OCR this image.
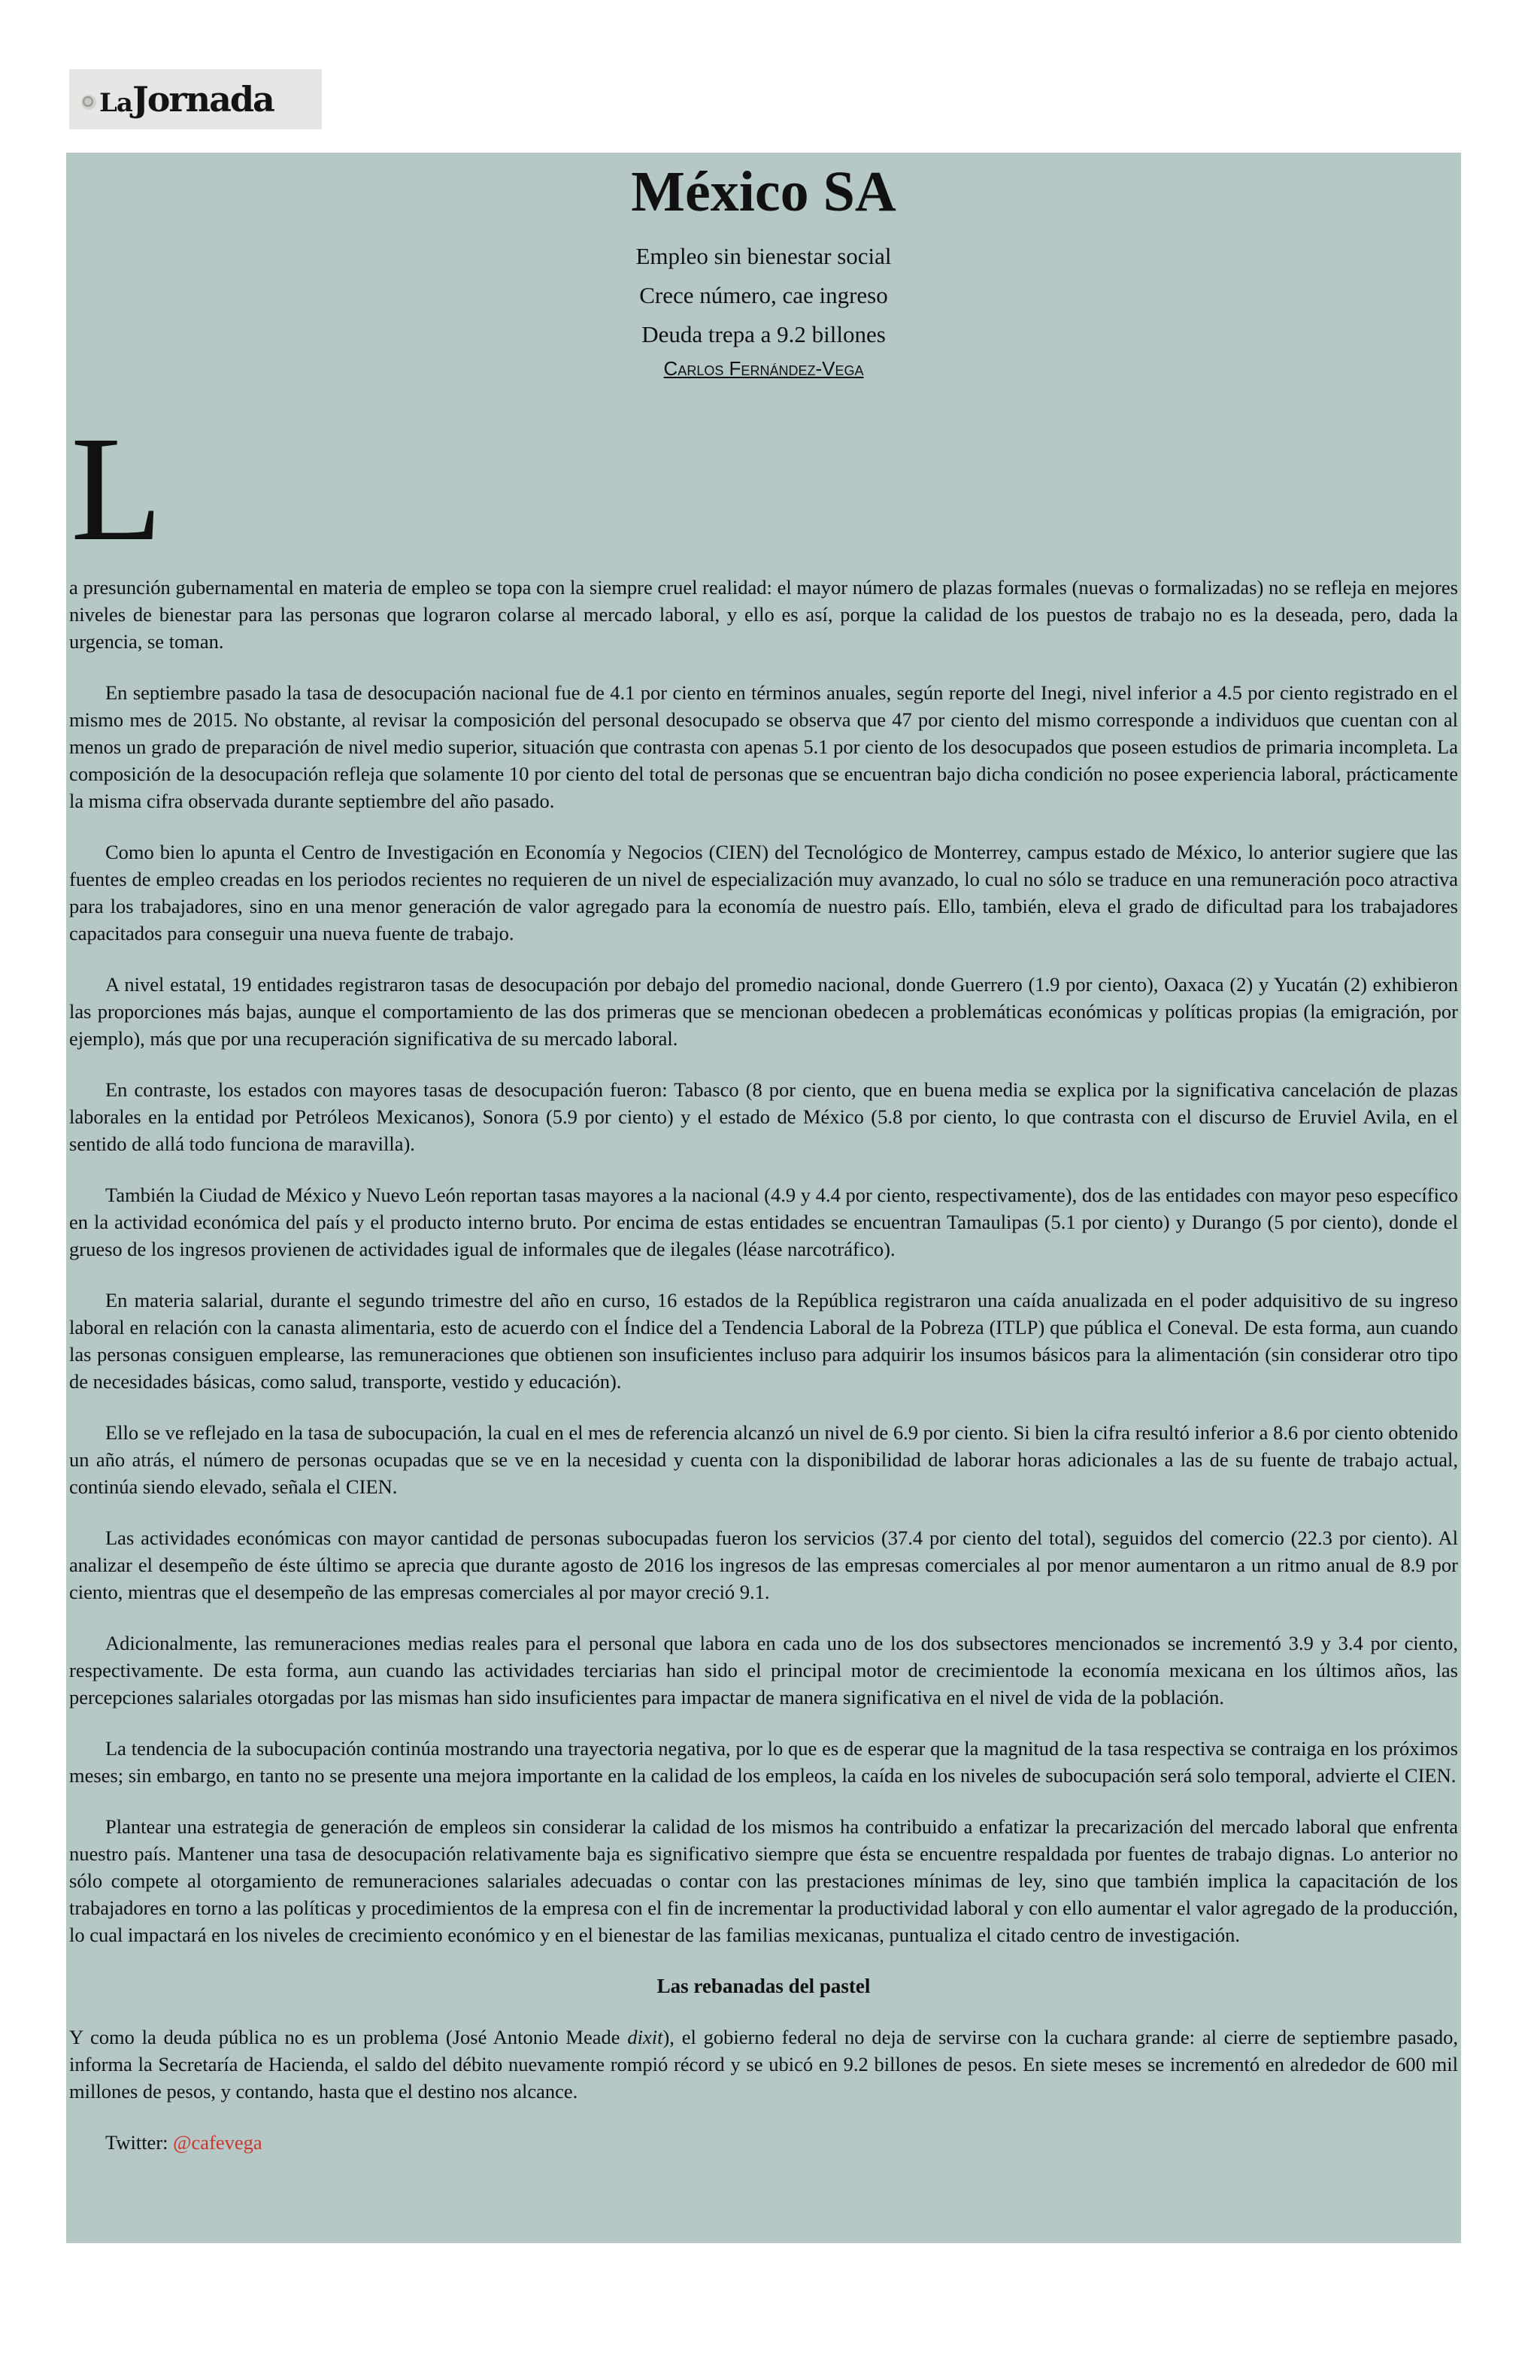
LaJornada
México SA

Empleo sin bienestar social

Crece número, cae ingreso

Deuda trepa a 9.2 billones

Carlos Fernández-Vega

L

a presunción gubernamental en materia de empleo se topa con la siempre cruel realidad: el mayor número de plazas formales (nuevas o formalizadas) no se refleja en mejores niveles de bienestar para las personas que lograron colarse al mercado laboral, y ello es así, porque la calidad de los puestos de trabajo no es la deseada, pero, dada la urgencia, se toman.

En septiembre pasado la tasa de desocupación nacional fue de 4.1 por ciento en términos anuales, según reporte del Inegi, nivel inferior a 4.5 por ciento registrado en el mismo mes de 2015. No obstante, al revisar la composición del personal desocupado se observa que 47 por ciento del mismo corresponde a individuos que cuentan con al menos un grado de preparación de nivel medio superior, situación que contrasta con apenas 5.1 por ciento de los desocupados que poseen estudios de primaria incompleta. La composición de la desocupación refleja que solamente 10 por ciento del total de personas que se encuentran bajo dicha condición no posee experiencia laboral, prácticamente la misma cifra observada durante septiembre del año pasado.

Como bien lo apunta el Centro de Investigación en Economía y Negocios (CIEN) del Tecnológico de Monterrey, campus estado de México, lo anterior sugiere que las fuentes de empleo creadas en los periodos recientes no requieren de un nivel de especialización muy avanzado, lo cual no sólo se traduce en una remuneración poco atractiva para los trabajadores, sino en una menor generación de valor agregado para la economía de nuestro país. Ello, también, eleva el grado de dificultad para los trabajadores capacitados para conseguir una nueva fuente de trabajo.

A nivel estatal, 19 entidades registraron tasas de desocupación por debajo del promedio nacional, donde Guerrero (1.9 por ciento), Oaxaca (2) y Yucatán (2) exhibieron las proporciones más bajas, aunque el comportamiento de las dos primeras que se mencionan obedecen a problemáticas económicas y políticas propias (la emigración, por ejemplo), más que por una recuperación significativa de su mercado laboral.

En contraste, los estados con mayores tasas de desocupación fueron: Tabasco (8 por ciento, que en buena media se explica por la significativa cancelación de plazas laborales en la entidad por Petróleos Mexicanos), Sonora (5.9 por ciento) y el estado de México (5.8 por ciento, lo que contrasta con el discurso de Eruviel Avila, en el sentido de allá todo funciona de maravilla).

También la Ciudad de México y Nuevo León reportan tasas mayores a la nacional (4.9 y 4.4 por ciento, respectivamente), dos de las entidades con mayor peso específico en la actividad económica del país y el producto interno bruto. Por encima de estas entidades se encuentran Tamaulipas (5.1 por ciento) y Durango (5 por ciento), donde el grueso de los ingresos provienen de actividades igual de informales que de ilegales (léase narcotráfico).

En materia salarial, durante el segundo trimestre del año en curso, 16 estados de la República registraron una caída anualizada en el poder adquisitivo de su ingreso laboral en relación con la canasta alimentaria, esto de acuerdo con el Índice del a Tendencia Laboral de la Pobreza (ITLP) que pública el Coneval. De esta forma, aun cuando las personas consiguen emplearse, las remuneraciones que obtienen son insuficientes incluso para adquirir los insumos básicos para la alimentación (sin considerar otro tipo de necesidades básicas, como salud, transporte, vestido y educación).

Ello se ve reflejado en la tasa de subocupación, la cual en el mes de referencia alcanzó un nivel de 6.9 por ciento. Si bien la cifra resultó inferior a 8.6 por ciento obtenido un año atrás, el número de personas ocupadas que se ve en la necesidad y cuenta con la disponibilidad de laborar horas adicionales a las de su fuente de trabajo actual, continúa siendo elevado, señala el CIEN.

Las actividades económicas con mayor cantidad de personas subocupadas fueron los servicios (37.4 por ciento del total), seguidos del comercio (22.3 por ciento). Al analizar el desempeño de éste último se aprecia que durante agosto de 2016 los ingresos de las empresas comerciales al por menor aumentaron a un ritmo anual de 8.9 por ciento, mientras que el desempeño de las empresas comerciales al por mayor creció 9.1.

Adicionalmente, las remuneraciones medias reales para el personal que labora en cada uno de los dos subsectores mencionados se incrementó 3.9 y 3.4 por ciento, respectivamente. De esta forma, aun cuando las actividades terciarias han sido el principal motor de crecimientode la economía mexicana en los últimos años, las percepciones salariales otorgadas por las mismas han sido insuficientes para impactar de manera significativa en el nivel de vida de la población.

La tendencia de la subocupación continúa mostrando una trayectoria negativa, por lo que es de esperar que la magnitud de la tasa respectiva se contraiga en los próximos meses; sin embargo, en tanto no se presente una mejora importante en la calidad de los empleos, la caída en los niveles de subocupación será solo temporal, advierte el CIEN.

Plantear una estrategia de generación de empleos sin considerar la calidad de los mismos ha contribuido a enfatizar la precarización del mercado laboral que enfrenta nuestro país. Mantener una tasa de desocupación relativamente baja es significativo siempre que ésta se encuentre respaldada por fuentes de trabajo dignas. Lo anterior no sólo compete al otorgamiento de remuneraciones salariales adecuadas o contar con las prestaciones mínimas de ley, sino que también implica la capacitación de los trabajadores en torno a las políticas y procedimientos de la empresa con el fin de incrementar la productividad laboral y con ello aumentar el valor agregado de la producción, lo cual impactará en los niveles de crecimiento económico y en el bienestar de las familias mexicanas, puntualiza el citado centro de investigación.

Las rebanadas del pastel

Y como la deuda pública no es un problema (José Antonio Meade dixit), el gobierno federal no deja de servirse con la cuchara grande: al cierre de septiembre pasado, informa la Secretaría de Hacienda, el saldo del débito nuevamente rompió récord y se ubicó en 9.2 billones de pesos. En siete meses se incrementó en alrededor de 600 mil millones de pesos, y contando, hasta que el destino nos alcance.

Twitter: @cafevega
